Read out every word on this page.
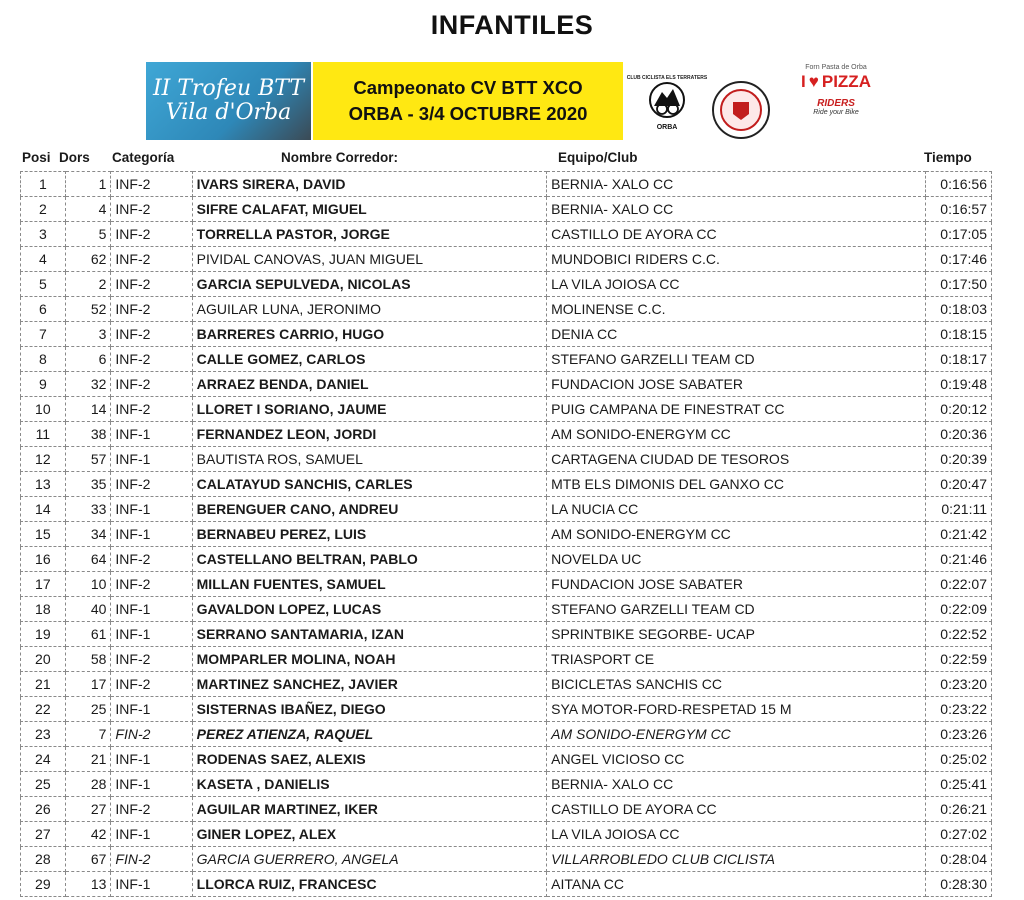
INFANTILES
II Trofeu BTT
Vila d'Orba
Campeonato CV BTT XCO
ORBA - 3/4 OCTUBRE 2020
CLUB CICLISTA ELS TERRATERS
ORBA
Forn Pasta de Orba
I ♥ PIZZA
RIDERS
Ride your Bike
Posi Dors Categoría	Nombre Corredor:	Equipo/Club	Tiempo
1	1	INF-2	IVARS SIRERA, DAVID	BERNIA- XALO CC	0:16:56
2	4	INF-2	SIFRE CALAFAT, MIGUEL	BERNIA- XALO CC	0:16:57
3	5	INF-2	TORRELLA PASTOR, JORGE	CASTILLO DE AYORA CC	0:17:05
4	62	INF-2	PIVIDAL CANOVAS, JUAN MIGUEL	MUNDOBICI RIDERS C.C.	0:17:46
5	2	INF-2	GARCIA SEPULVEDA, NICOLAS	LA VILA JOIOSA CC	0:17:50
6	52	INF-2	AGUILAR LUNA, JERONIMO	MOLINENSE C.C.	0:18:03
7	3	INF-2	BARRERES CARRIO, HUGO	DENIA CC	0:18:15
8	6	INF-2	CALLE GOMEZ, CARLOS	STEFANO GARZELLI TEAM CD	0:18:17
9	32	INF-2	ARRAEZ BENDA, DANIEL	FUNDACION JOSE SABATER	0:19:48
10	14	INF-2	LLORET I SORIANO, JAUME	PUIG CAMPANA DE FINESTRAT CC	0:20:12
11	38	INF-1	FERNANDEZ LEON, JORDI	AM SONIDO-ENERGYM CC	0:20:36
12	57	INF-1	BAUTISTA ROS, SAMUEL	CARTAGENA CIUDAD DE TESOROS	0:20:39
13	35	INF-2	CALATAYUD SANCHIS, CARLES	MTB ELS DIMONIS DEL GANXO CC	0:20:47
14	33	INF-1	BERENGUER CANO, ANDREU	LA NUCIA CC	0:21:11
15	34	INF-1	BERNABEU PEREZ, LUIS	AM SONIDO-ENERGYM CC	0:21:42
16	64	INF-2	CASTELLANO BELTRAN, PABLO	NOVELDA UC	0:21:46
17	10	INF-2	MILLAN FUENTES, SAMUEL	FUNDACION JOSE SABATER	0:22:07
18	40	INF-1	GAVALDON LOPEZ, LUCAS	STEFANO GARZELLI TEAM CD	0:22:09
19	61	INF-1	SERRANO SANTAMARIA, IZAN	SPRINTBIKE SEGORBE- UCAP	0:22:52
20	58	INF-2	MOMPARLER MOLINA, NOAH	TRIASPORT CE	0:22:59
21	17	INF-2	MARTINEZ SANCHEZ, JAVIER	BICICLETAS SANCHIS CC	0:23:20
22	25	INF-1	SISTERNAS IBAÑEZ, DIEGO	SYA MOTOR-FORD-RESPETAD 15 M	0:23:22
23	7	FIN-2	PEREZ ATIENZA, RAQUEL	AM SONIDO-ENERGYM CC	0:23:26
24	21	INF-1	RODENAS SAEZ, ALEXIS	ANGEL VICIOSO CC	0:25:02
25	28	INF-1	KASETA , DANIELIS	BERNIA- XALO CC	0:25:41
26	27	INF-2	AGUILAR MARTINEZ, IKER	CASTILLO DE AYORA CC	0:26:21
27	42	INF-1	GINER LOPEZ, ALEX	LA VILA JOIOSA CC	0:27:02
28	67	FIN-2	GARCIA GUERRERO, ANGELA	VILLARROBLEDO CLUB CICLISTA	0:28:04
29	13	INF-1	LLORCA RUIZ, FRANCESC	AITANA CC	0:28:30
